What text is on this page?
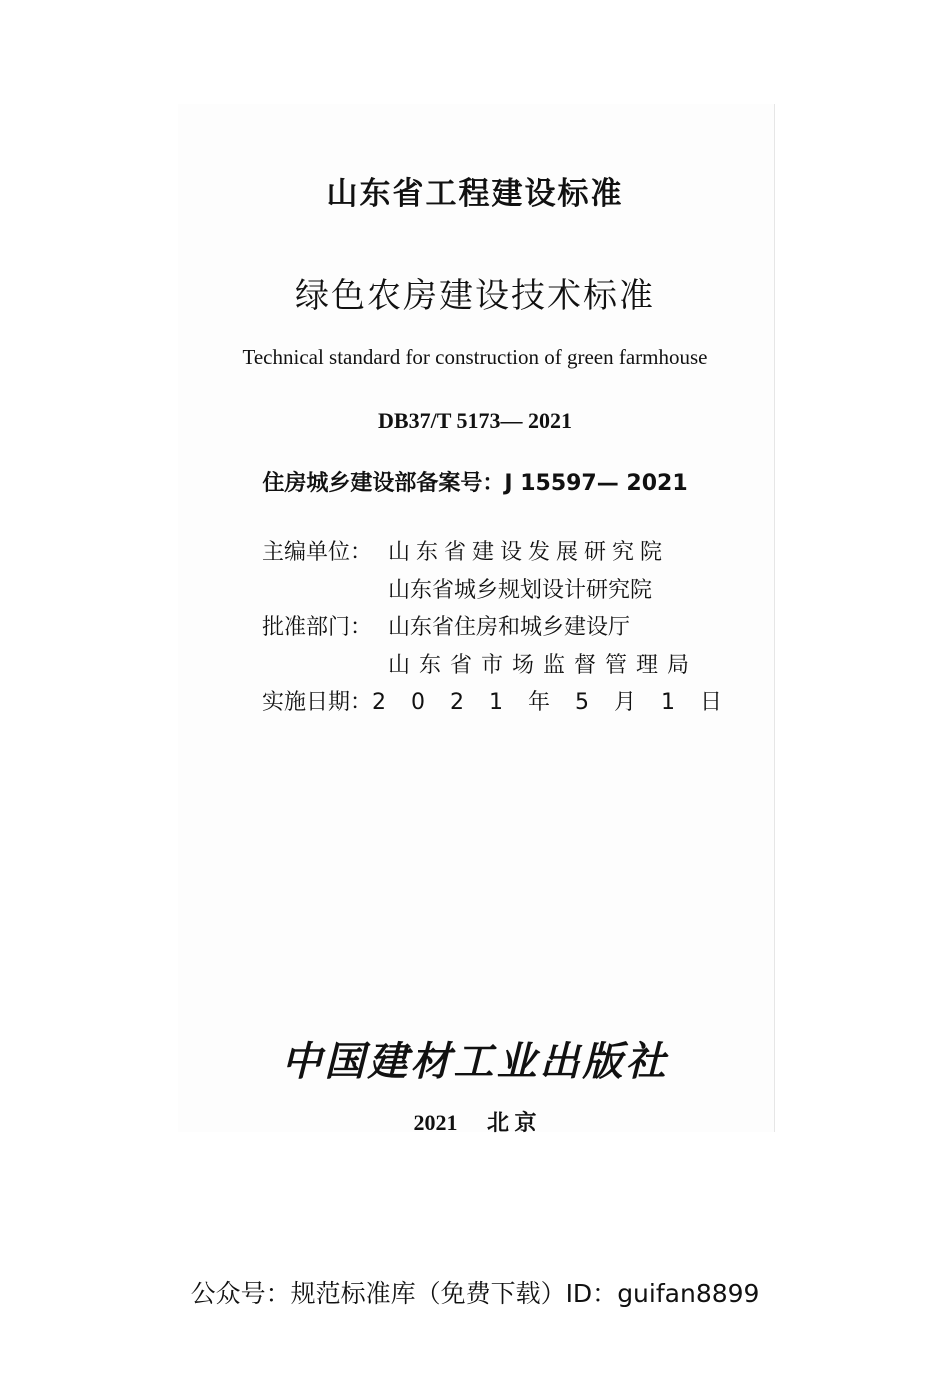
山东省工程建设标准
绿色农房建设技术标准
Technical standard for construction of green farmhouse
DB37/T 5173— 2021
住房城乡建设部备案号：J 15597— 2021
主编单位： 山东省建设发展研究院
山东省城乡规划设计研究院
批准部门： 山东省住房和城乡建设厅
山东省市场监督管理局
实施日期： 2 0 2 1 年 5 月 1 日
中国建材工业出版社
2021 北 京
公众号：规范标准库（免费下载）ID：guifan8899
